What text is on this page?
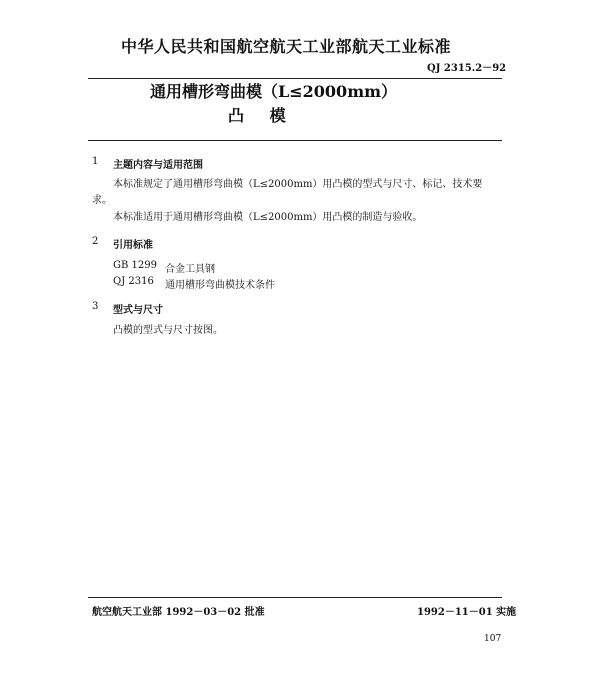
中华人民共和国航空航天工业部航天工业标准
QJ 2315.2－92
通用槽形弯曲模（L≤2000mm）
凸 模
1 主题内容与适用范围
本标准规定了通用槽形弯曲模（L≤2000mm）用凸模的型式与尺寸、标记、技术要
求。
本标准适用于通用槽形弯曲模（L≤2000mm）用凸模的制造与验收。
2 引用标准
GB 1299 合金工具钢
QJ 2316 通用槽形弯曲模技术条件
3 型式与尺寸
凸模的型式与尺寸按图。
航空航天工业部 1992－03－02 批准	1992－11－01 实施
107
